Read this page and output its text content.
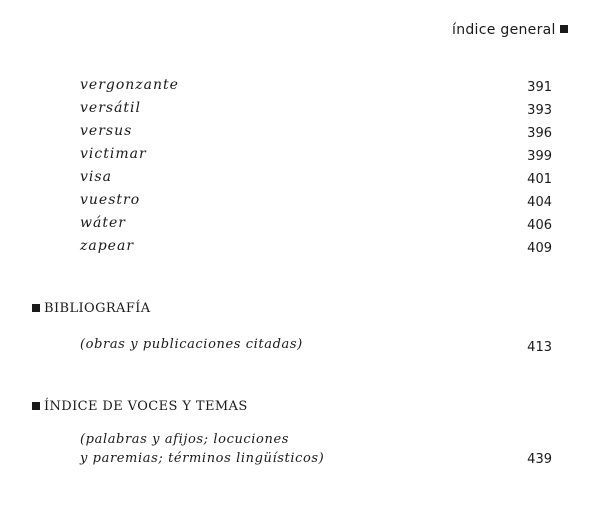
índice general
vergonzante	391
versátil	393
versus	396
victimar	399
visa	401
vuestro	404
wáter	406
zapear	409
BIBLIOGRAFÍA
(obras y publicaciones citadas)	413
ÍNDICE DE VOCES Y TEMAS
(palabras y afijos; locuciones
y paremias; términos lingüísticos)	439
